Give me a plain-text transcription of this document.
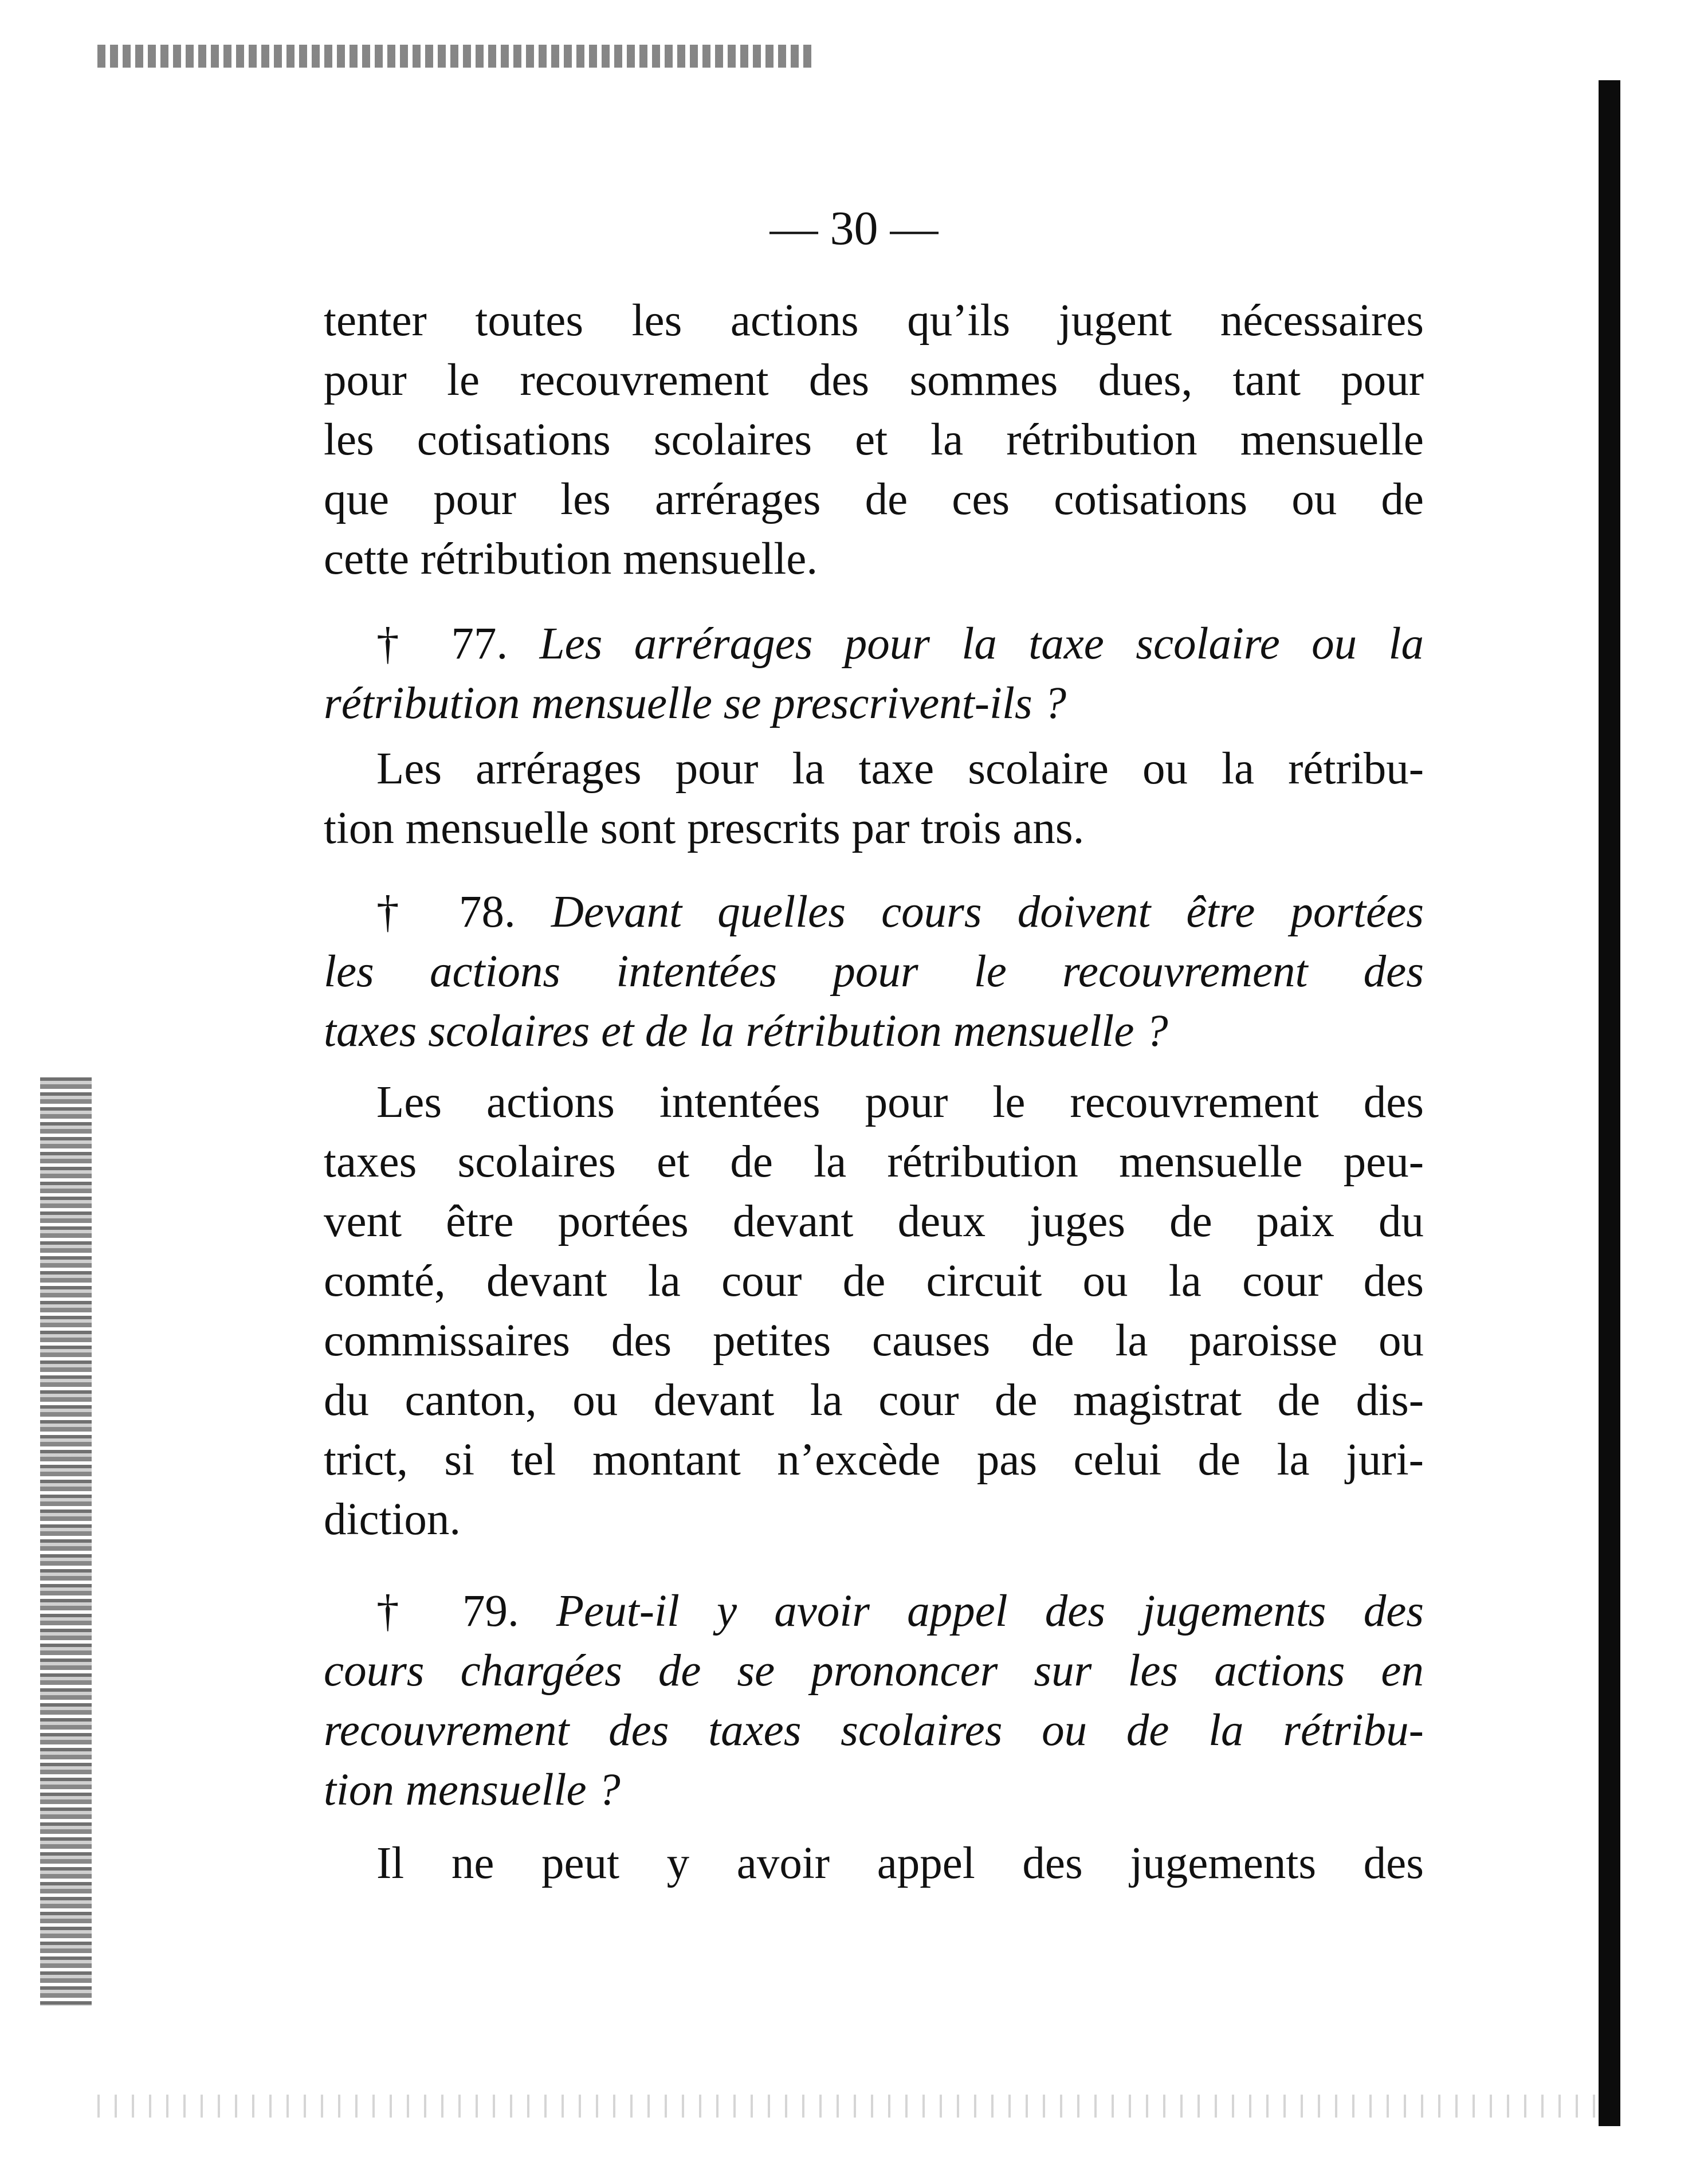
— 30 —
tenter toutes les actions qu’ils jugent nécessaires
pour le recouvrement des sommes dues, tant pour
les cotisations scolaires et la rétribution mensuelle
que pour les arrérages de ces cotisations ou de
cette rétribution mensuelle.
† 77. Les arrérages pour la taxe scolaire ou la
rétribution mensuelle se prescrivent-ils ?
Les arrérages pour la taxe scolaire ou la rétribu-
tion mensuelle sont prescrits par trois ans.
† 78. Devant quelles cours doivent être portées
les actions intentées pour le recouvrement des
taxes scolaires et de la rétribution mensuelle ?
Les actions intentées pour le recouvrement des
taxes scolaires et de la rétribution mensuelle peu-
vent être portées devant deux juges de paix du
comté, devant la cour de circuit ou la cour des
commissaires des petites causes de la paroisse ou
du canton, ou devant la cour de magistrat de dis-
trict, si tel montant n’excède pas celui de la juri-
diction.
† 79. Peut-il y avoir appel des jugements des
cours chargées de se prononcer sur les actions en
recouvrement des taxes scolaires ou de la rétribu-
tion mensuelle ?
Il ne peut y avoir appel des jugements des
